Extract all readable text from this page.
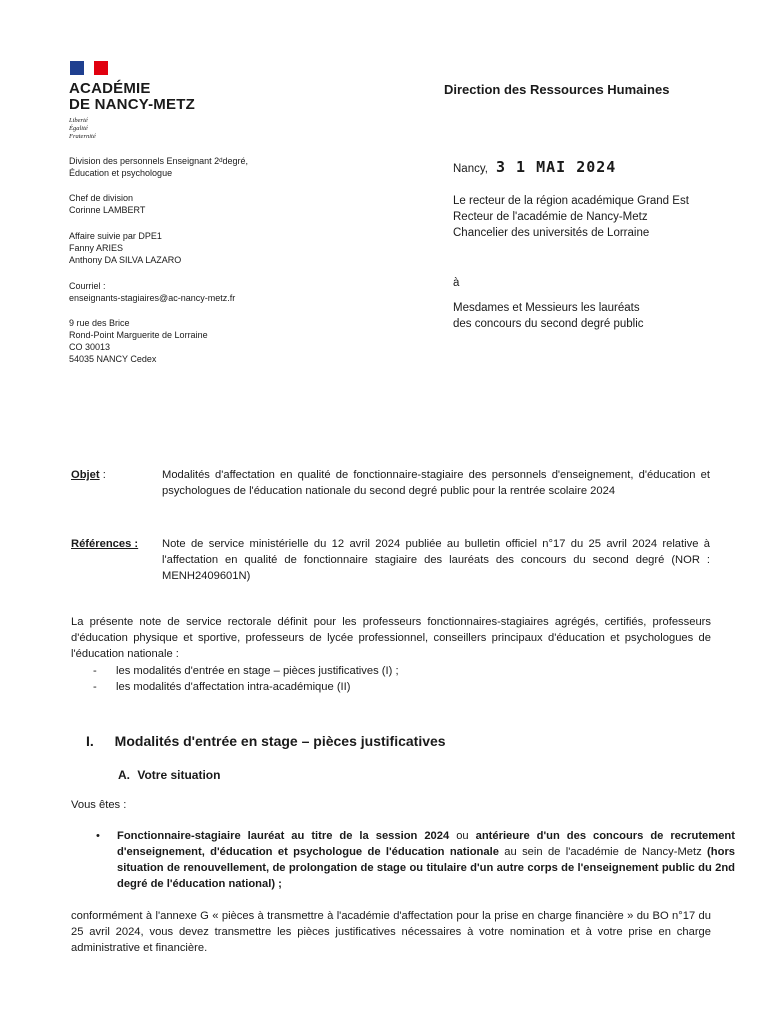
ACADÉMIE
DE NANCY-METZ
Liberté
Égalité
Fraternité
Direction des Ressources Humaines
Division des personnels Enseignant 2ᵈdegré,
Éducation et psychologue
Chef de division
Corinne LAMBERT
Affaire suivie par DPE1
Fanny ARIES
Anthony DA SILVA LAZARO
Courriel :
enseignants-stagiaires@ac-nancy-metz.fr
9 rue des Brice
Rond-Point Marguerite de Lorraine
CO 30013
54035 NANCY Cedex
Nancy, 3 1 MAI 2024
Le recteur de la région académique Grand Est
Recteur de l'académie de Nancy-Metz
Chancelier des universités de Lorraine
à
Mesdames et Messieurs les lauréats
des concours du second degré public
Objet :	Modalités d'affectation en qualité de fonctionnaire-stagiaire des personnels d'enseignement, d'éducation et psychologues de l'éducation nationale du second degré public pour la rentrée scolaire 2024
Références : Note de service ministérielle du 12 avril 2024 publiée au bulletin officiel n°17 du 25 avril 2024 relative à l'affectation en qualité de fonctionnaire stagiaire des lauréats des concours du second degré (NOR : MENH2409601N)
La présente note de service rectorale définit pour les professeurs fonctionnaires-stagiaires agrégés, certifiés, professeurs d'éducation physique et sportive, professeurs de lycée professionnel, conseillers principaux d'éducation et psychologues de l'éducation nationale :
- les modalités d'entrée en stage – pièces justificatives (I) ;
- les modalités d'affectation intra-académique (II)
I. Modalités d'entrée en stage – pièces justificatives
A. Votre situation
Vous êtes :
• Fonctionnaire-stagiaire lauréat au titre de la session 2024 ou antérieure d'un des concours de recrutement d'enseignement, d'éducation et psychologue de l'éducation nationale au sein de l'académie de Nancy-Metz (hors situation de renouvellement, de prolongation de stage ou titulaire d'un autre corps de l'enseignement public du 2nd degré de l'éducation national) ;
conformément à l'annexe G « pièces à transmettre à l'académie d'affectation pour la prise en charge financière » du BO n°17 du 25 avril 2024, vous devez transmettre les pièces justificatives nécessaires à votre nomination et à votre prise en charge administrative et financière.
